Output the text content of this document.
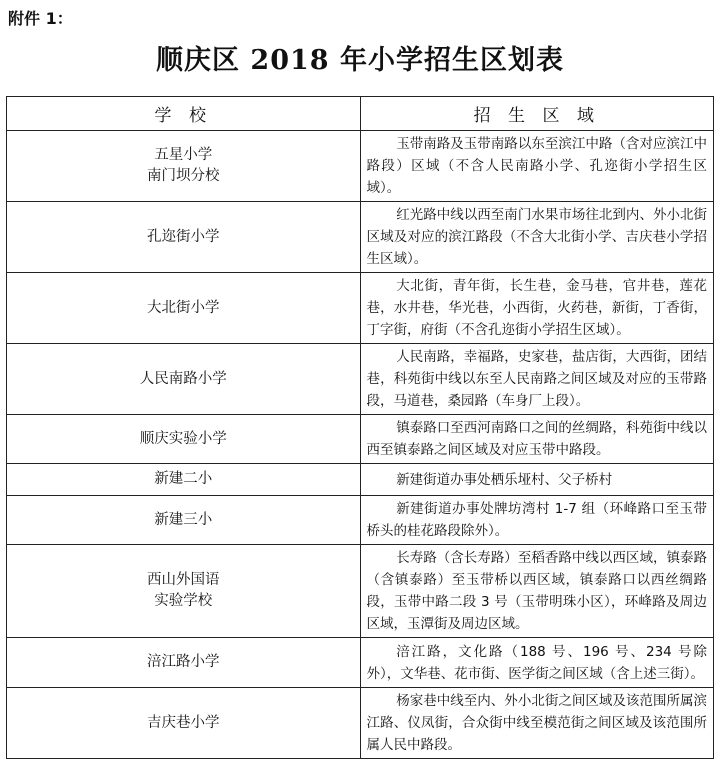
附件 1：
顺庆区 2018 年小学招生区划表
学 校	招 生 区 域
五星小学
南门坝分校	玉带南路及玉带南路以东至滨江中路（含对应滨江中路段）区域（不含人民南路小学、孔迩街小学招生区域）。
孔迩街小学	红光路中线以西至南门水果市场往北到内、外小北街区域及对应的滨江路段（不含大北街小学、吉庆巷小学招生区域）。
大北街小学	大北街，青年街，长生巷，金马巷，官井巷，莲花巷，水井巷，华光巷，小西街，火药巷，新街，丁香街，丁字街，府街（不含孔迩街小学招生区域）。
人民南路小学	人民南路，幸福路，史家巷，盐店街，大西街，团结巷，科苑街中线以东至人民南路之间区域及对应的玉带路段，马道巷，桑园路（车身厂上段）。
顺庆实验小学	镇泰路口至西河南路口之间的丝绸路，科苑街中线以西至镇泰路之间区域及对应玉带中路段。
新建二小	新建街道办事处栖乐垭村、父子桥村
新建三小	新建街道办事处牌坊湾村 1-7 组（环峰路口至玉带桥头的桂花路段除外）。
西山外国语
实验学校	长寿路（含长寿路）至稻香路中线以西区域，镇泰路（含镇泰路）至玉带桥以西区域，镇泰路口以西丝绸路段，玉带中路二段 3 号（玉带明珠小区），环峰路及周边区域，玉潭街及周边区域。
涪江路小学	涪江路，文化路（188 号、196 号、234 号除外），文华巷、花市街、医学街之间区域（含上述三街）。
吉庆巷小学	杨家巷中线至内、外小北街之间区域及该范围所属滨江路、仪凤街，合众街中线至模范街之间区域及该范围所属人民中路段。
